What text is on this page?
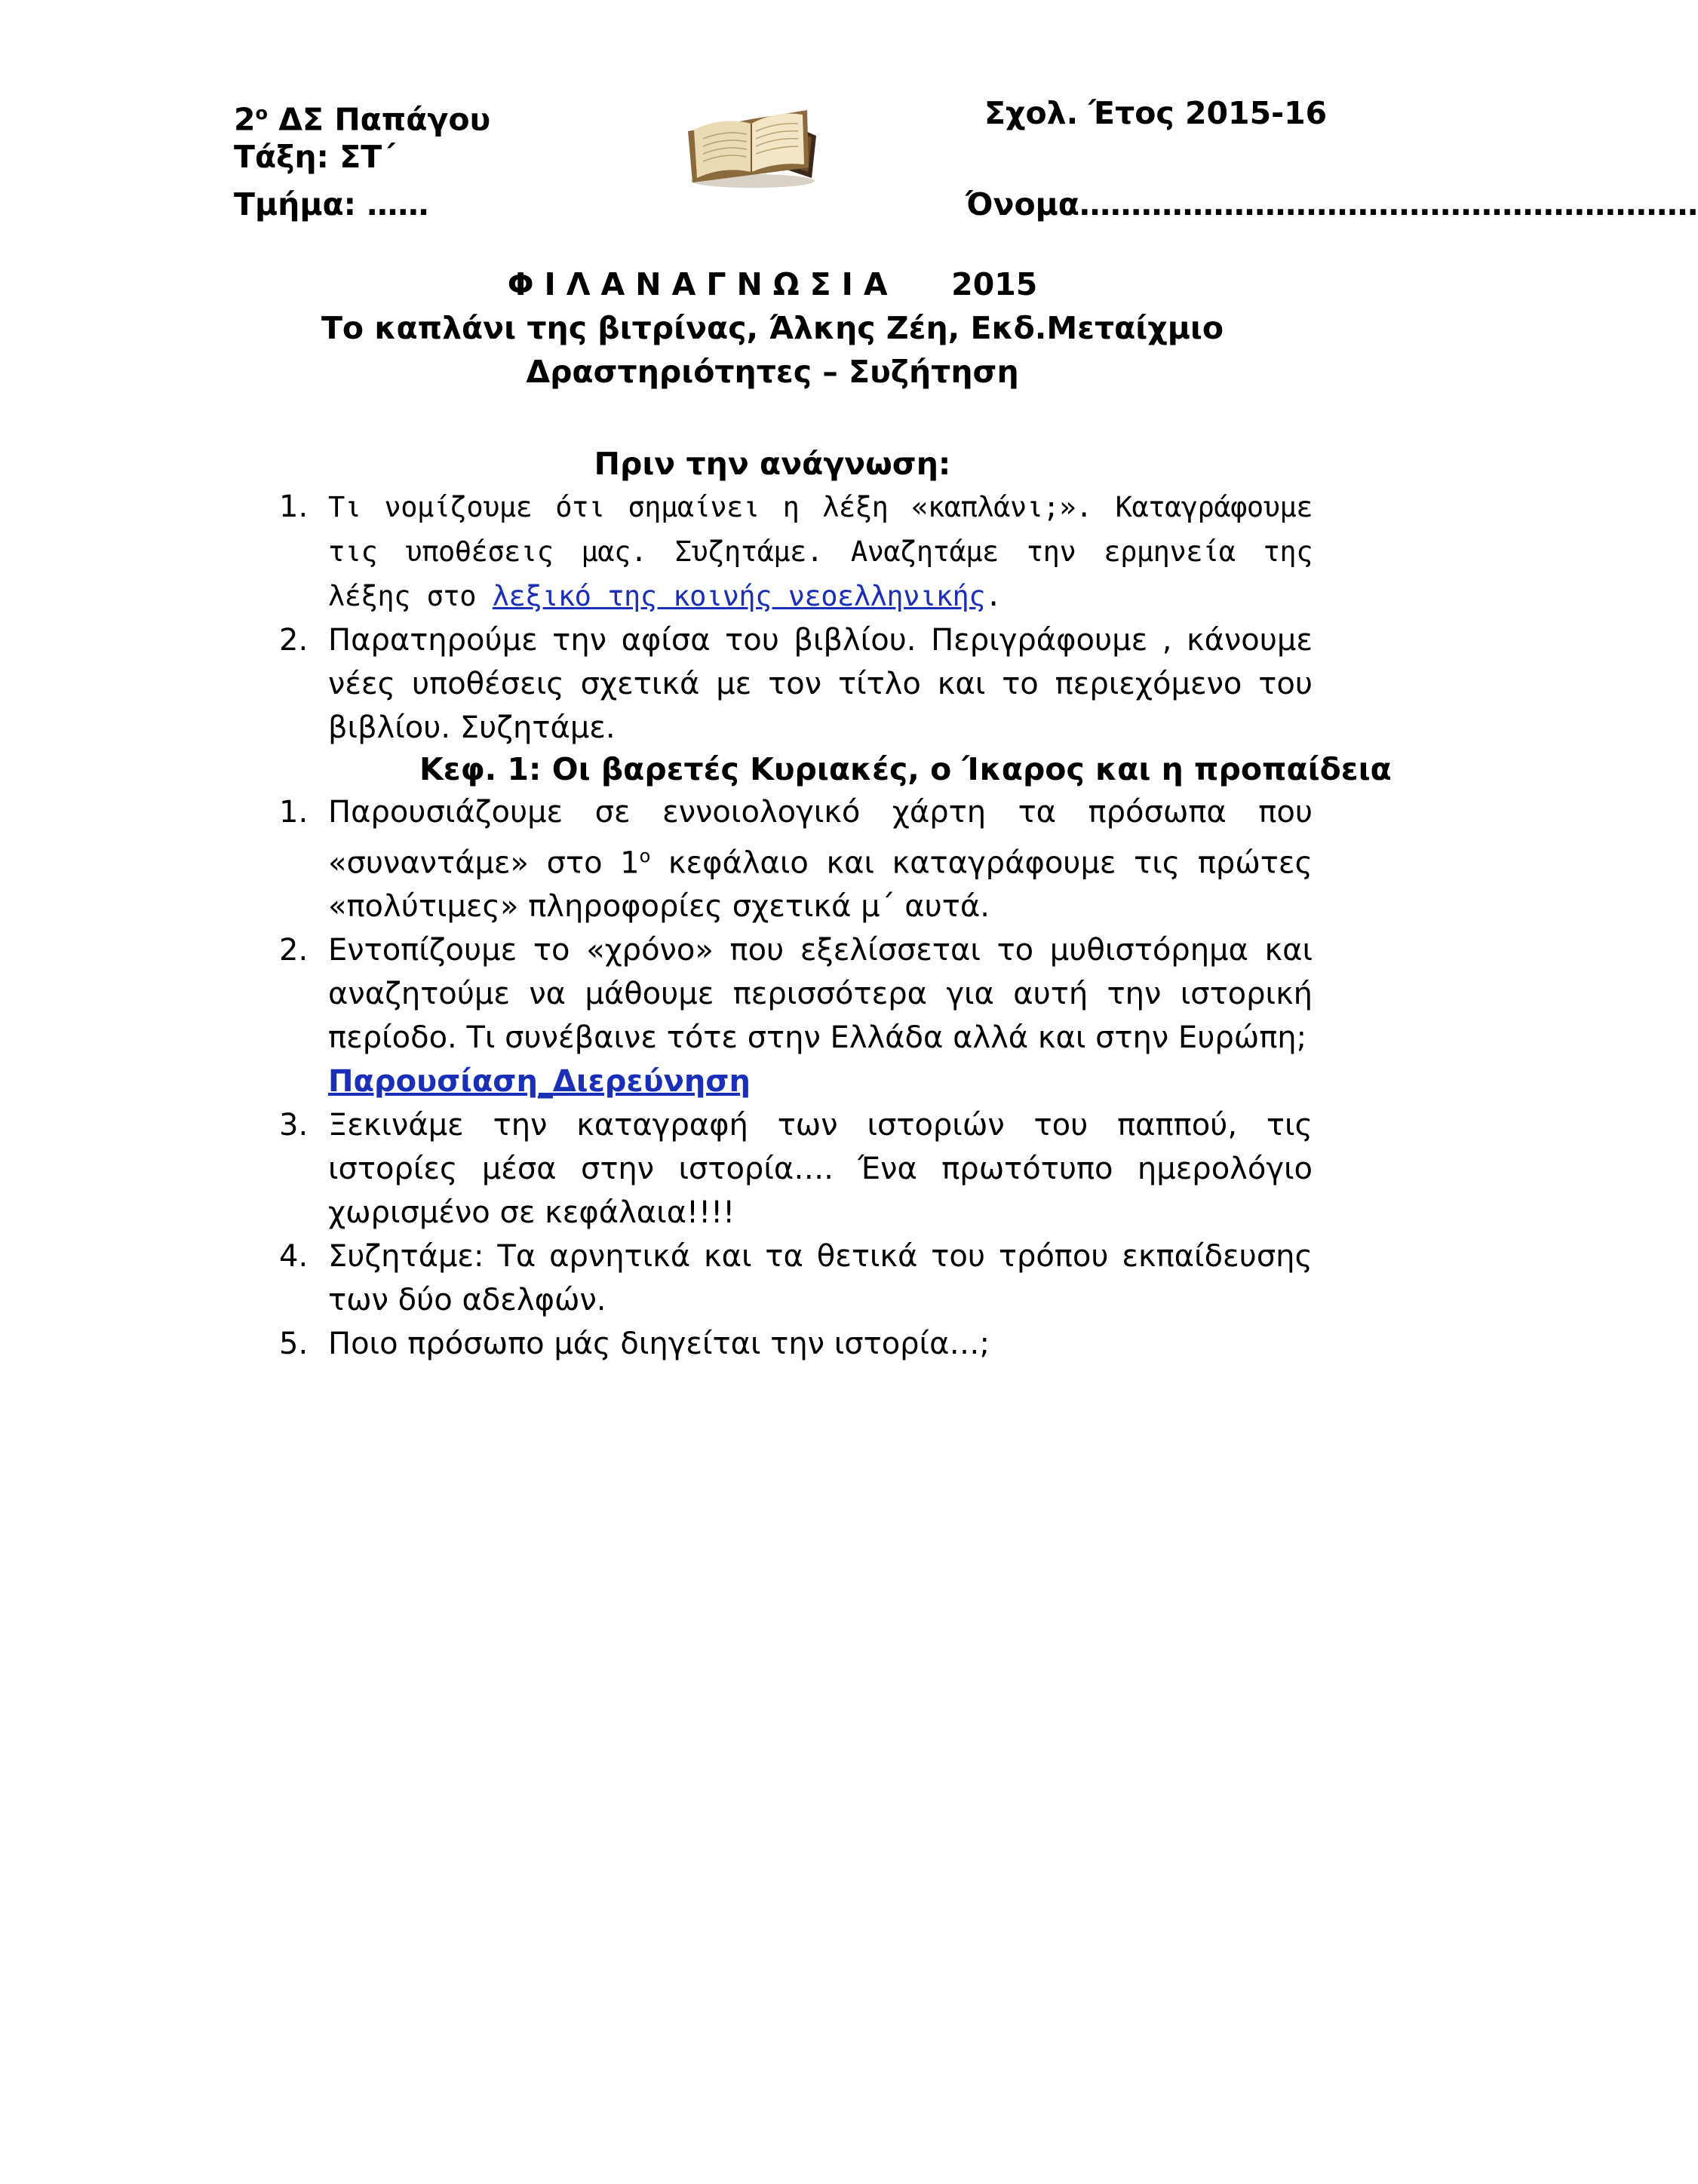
$2^o$ ΔΣ Παπάγου
Τάξη: ΣΤ΄
Τμήμα: ……
Σχολ. Έτος 2015-16
Όνομα……………………………………………………
ΦΙΛΑΝΑΓΝΩΣΙΑ 2015
Το καπλάνι της βιτρίνας, Άλκης Ζέη, Εκδ.Μεταίχμιο
Δραστηριότητες – Συζήτηση
Πριν την ανάγνωση:
1. Τι νομίζουμε ότι σημαίνει η λέξη «καπλάνι;». Καταγράφουμε τις υποθέσεις μας. Συζητάμε. Αναζητάμε την ερμηνεία της λέξης στο λεξικό της κοινής νεοελληνικής.
2. Παρατηρούμε την αφίσα του βιβλίου. Περιγράφουμε , κάνουμε νέες υποθέσεις σχετικά με τον τίτλο και το περιεχόμενο του βιβλίου. Συζητάμε.
Κεφ. 1: Οι βαρετές Κυριακές, ο Ίκαρος και η προπαίδεια
1. Παρουσιάζουμε σε εννοιολογικό χάρτη τα πρόσωπα που «συναντάμε» στο $1^o$ κεφάλαιο και καταγράφουμε τις πρώτες «πολύτιμες» πληροφορίες σχετικά μ΄ αυτά.
2. Εντοπίζουμε το «χρόνο» που εξελίσσεται το μυθιστόρημα και αναζητούμε να μάθουμε περισσότερα για αυτή την ιστορική περίοδο. Τι συνέβαινε τότε στην Ελλάδα αλλά και στην Ευρώπη;
Παρουσίαση_Διερεύνηση
3. Ξεκινάμε την καταγραφή των ιστοριών του παππού, τις ιστορίες μέσα στην ιστορία…. Ένα πρωτότυπο ημερολόγιο χωρισμένο σε κεφάλαια!!!!
4. Συζητάμε: Τα αρνητικά και τα θετικά του τρόπου εκπαίδευσης των δύο αδελφών.
5. Ποιο πρόσωπο μάς διηγείται την ιστορία…;
